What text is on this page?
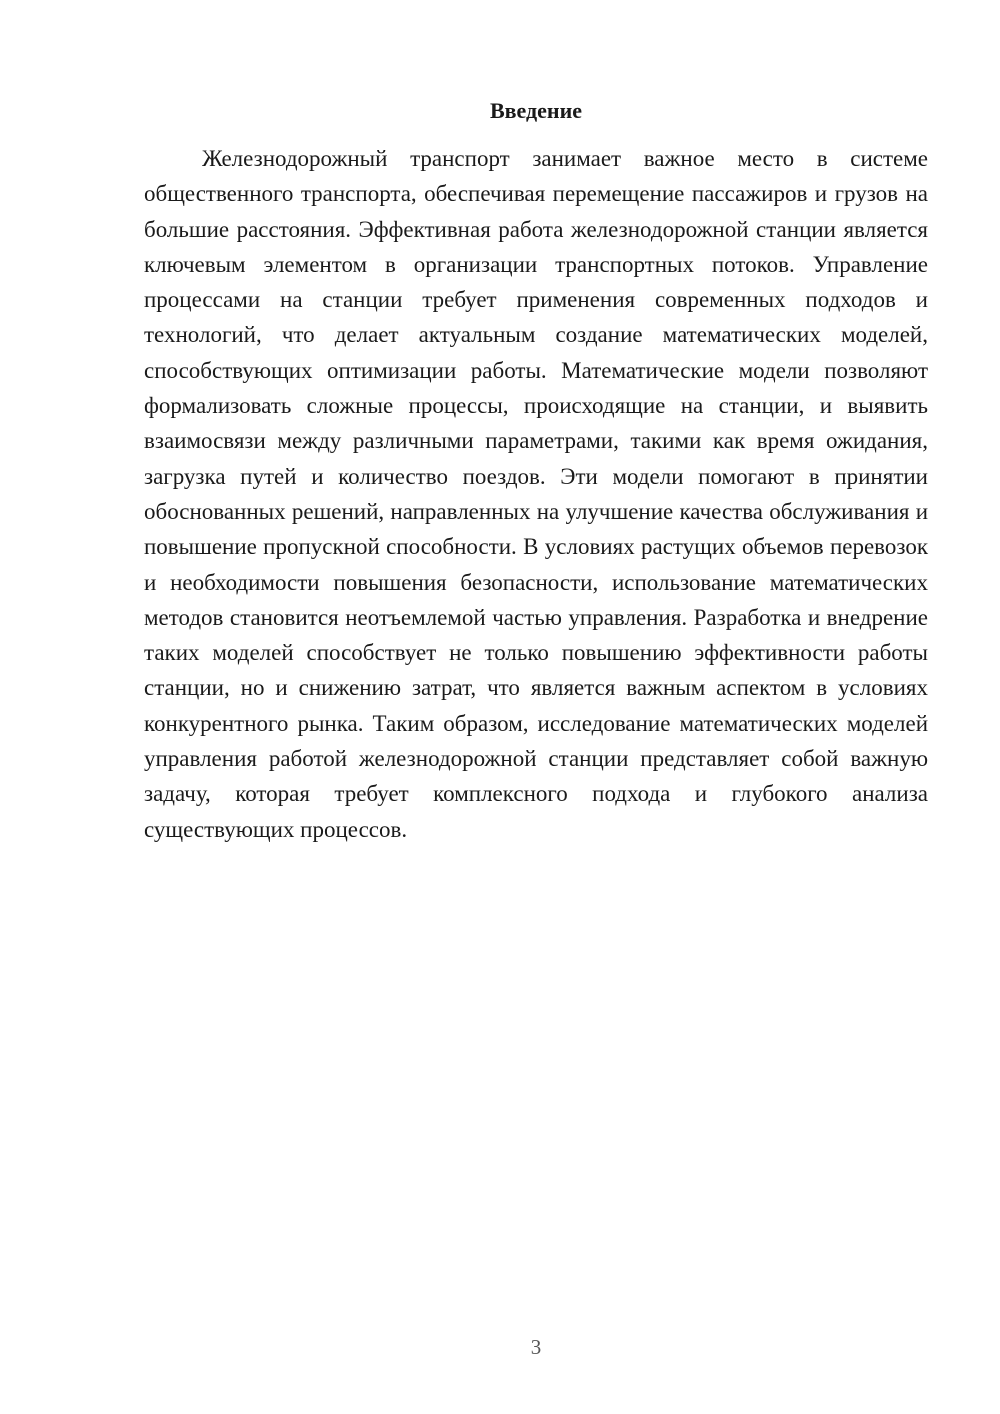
Введение

Железнодорожный транспорт занимает важное место в системе общественного транспорта, обеспечивая перемещение пассажиров и грузов на большие расстояния. Эффективная работа железнодорожной станции является ключевым элементом в организации транспортных потоков. Управление процессами на станции требует применения современных подходов и технологий, что делает актуальным создание математических моделей, способствующих оптимизации работы. Математические модели позволяют формализовать сложные процессы, происходящие на станции, и выявить взаимосвязи между различными параметрами, такими как время ожидания, загрузка путей и количество поездов. Эти модели помогают в принятии обоснованных решений, направленных на улучшение качества обслуживания и повышение пропускной способности. В условиях растущих объемов перевозок и необходимости повышения безопасности, использование математических методов становится неотъемлемой частью управления. Разработка и внедрение таких моделей способствует не только повышению эффективности работы станции, но и снижению затрат, что является важным аспектом в условиях конкурентного рынка. Таким образом, исследование математических моделей управления работой железнодорожной станции представляет собой важную задачу, которая требует комплексного подхода и глубокого анализа существующих процессов.

3
